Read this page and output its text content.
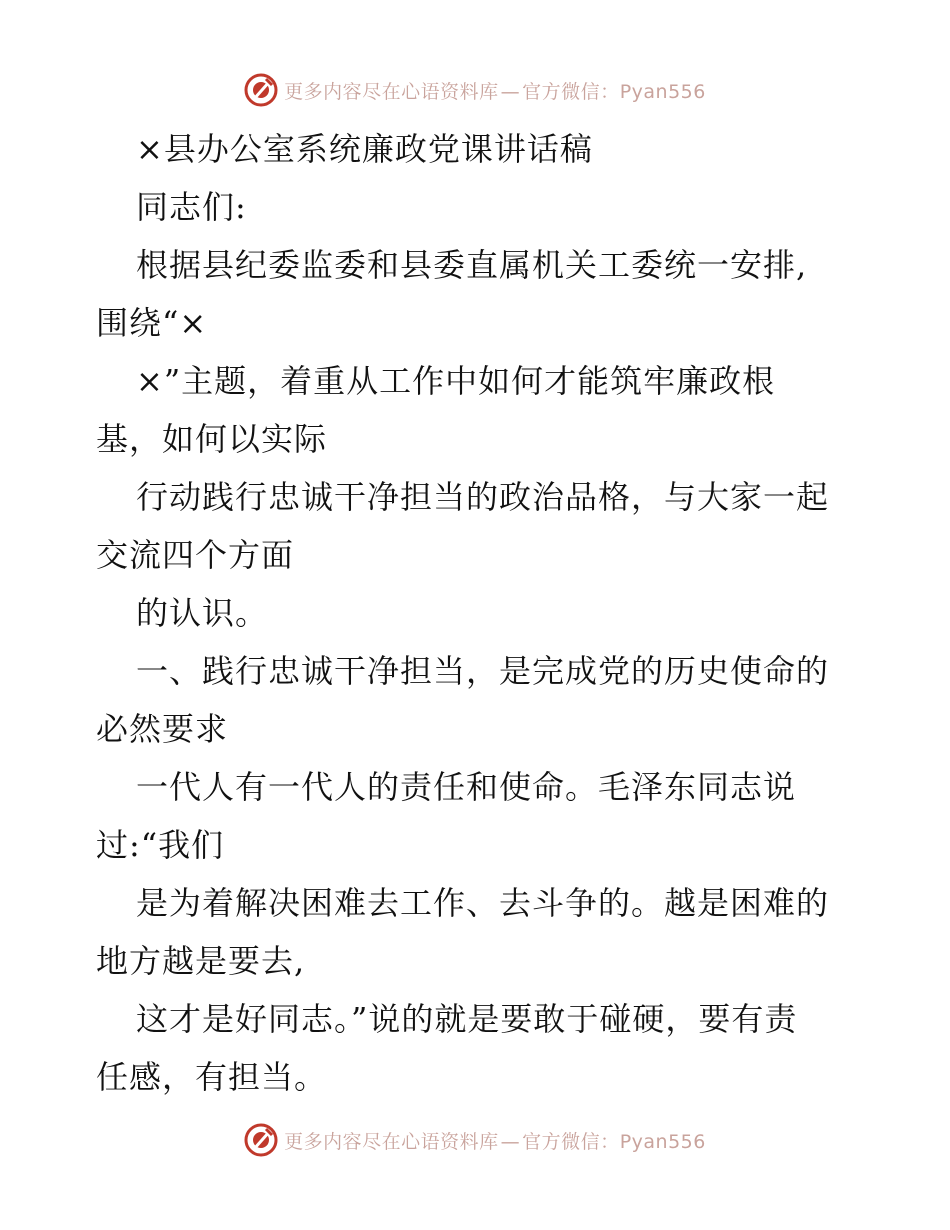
更多内容尽在心语资料库 — 官方微信：Pyan556
×县办公室系统廉政党课讲话稿
同志们:
根据县纪委监委和县委直属机关工委统一安排,
围绕“×
×”主题，着重从工作中如何才能筑牢廉政根
基，如何以实际
行动践行忠诚干净担当的政治品格，与大家一起
交流四个方面
的认识。
一、践行忠诚干净担当，是完成党的历史使命的
必然要求
一代人有一代人的责任和使命。毛泽东同志说
过:“我们
是为着解决困难去工作、去斗争的。越是困难的
地方越是要去,
这才是好同志。”说的就是要敢于碰硬，要有责
任感，有担当。
更多内容尽在心语资料库 — 官方微信：Pyan556
